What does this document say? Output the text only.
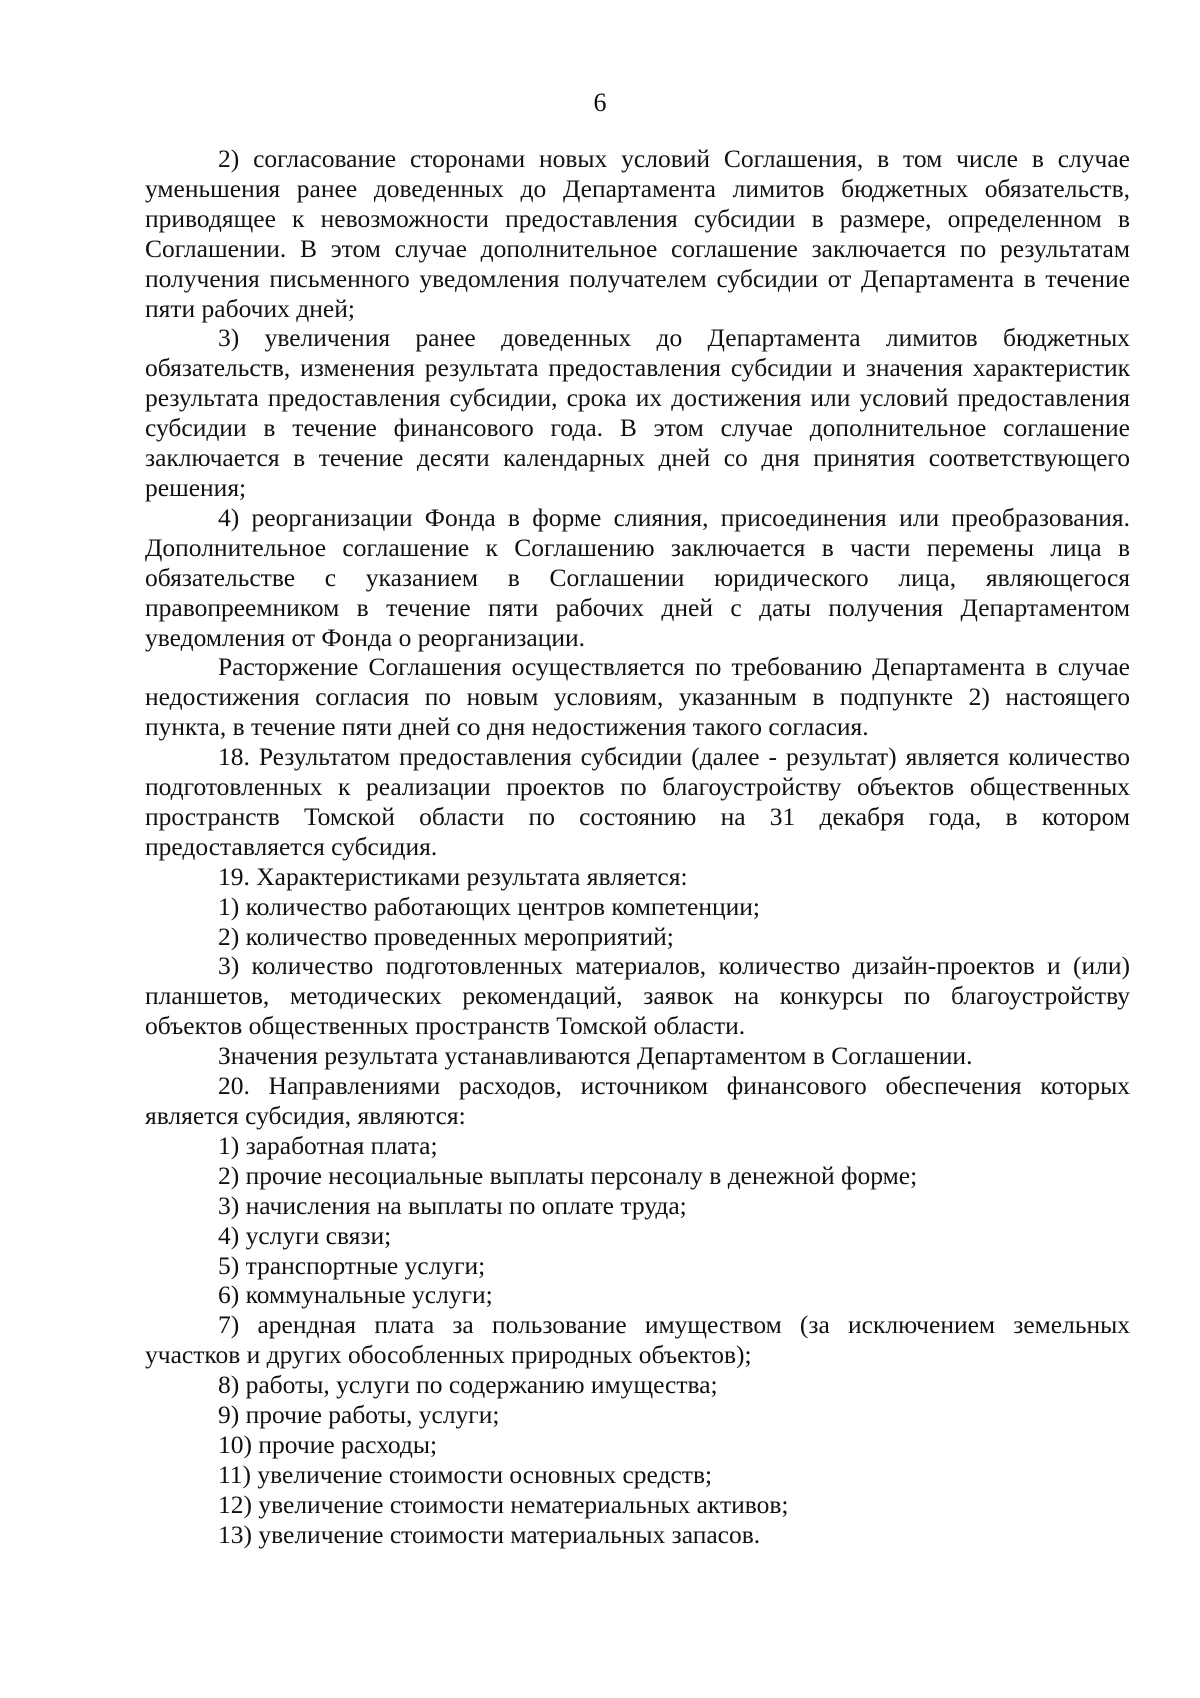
6

2) согласование сторонами новых условий Соглашения, в том числе в случае уменьшения ранее доведенных до Департамента лимитов бюджетных обязательств, приводящее к невозможности предоставления субсидии в размере, определенном в Соглашении. В этом случае дополнительное соглашение заключается по результатам получения письменного уведомления получателем субсидии от Департамента в течение пяти рабочих дней;

3) увеличения ранее доведенных до Департамента лимитов бюджетных обязательств, изменения результата предоставления субсидии и значения характеристик результата предоставления субсидии, срока их достижения или условий предоставления субсидии в течение финансового года. В этом случае дополнительное соглашение заключается в течение десяти календарных дней со дня принятия соответствующего решения;

4) реорганизации Фонда в форме слияния, присоединения или преобразования. Дополнительное соглашение к Соглашению заключается в части перемены лица в обязательстве с указанием в Соглашении юридического лица, являющегося правопреемником в течение пяти рабочих дней с даты получения Департаментом уведомления от Фонда о реорганизации.

Расторжение Соглашения осуществляется по требованию Департамента в случае недостижения согласия по новым условиям, указанным в подпункте 2) настоящего пункта, в течение пяти дней со дня недостижения такого согласия.

18. Результатом предоставления субсидии (далее - результат) является количество подготовленных к реализации проектов по благоустройству объектов общественных пространств Томской области по состоянию на 31 декабря года, в котором предоставляется субсидия.

19. Характеристиками результата является:

1) количество работающих центров компетенции;

2) количество проведенных мероприятий;

3) количество подготовленных материалов, количество дизайн-проектов и (или) планшетов, методических рекомендаций, заявок на конкурсы по благоустройству объектов общественных пространств Томской области.

Значения результата устанавливаются Департаментом в Соглашении.

20. Направлениями расходов, источником финансового обеспечения которых является субсидия, являются:

1) заработная плата;

2) прочие несоциальные выплаты персоналу в денежной форме;

3) начисления на выплаты по оплате труда;

4) услуги связи;

5) транспортные услуги;

6) коммунальные услуги;

7) арендная плата за пользование имуществом (за исключением земельных участков и других обособленных природных объектов);

8) работы, услуги по содержанию имущества;

9) прочие работы, услуги;

10) прочие расходы;

11) увеличение стоимости основных средств;

12) увеличение стоимости нематериальных активов;

13) увеличение стоимости материальных запасов.
